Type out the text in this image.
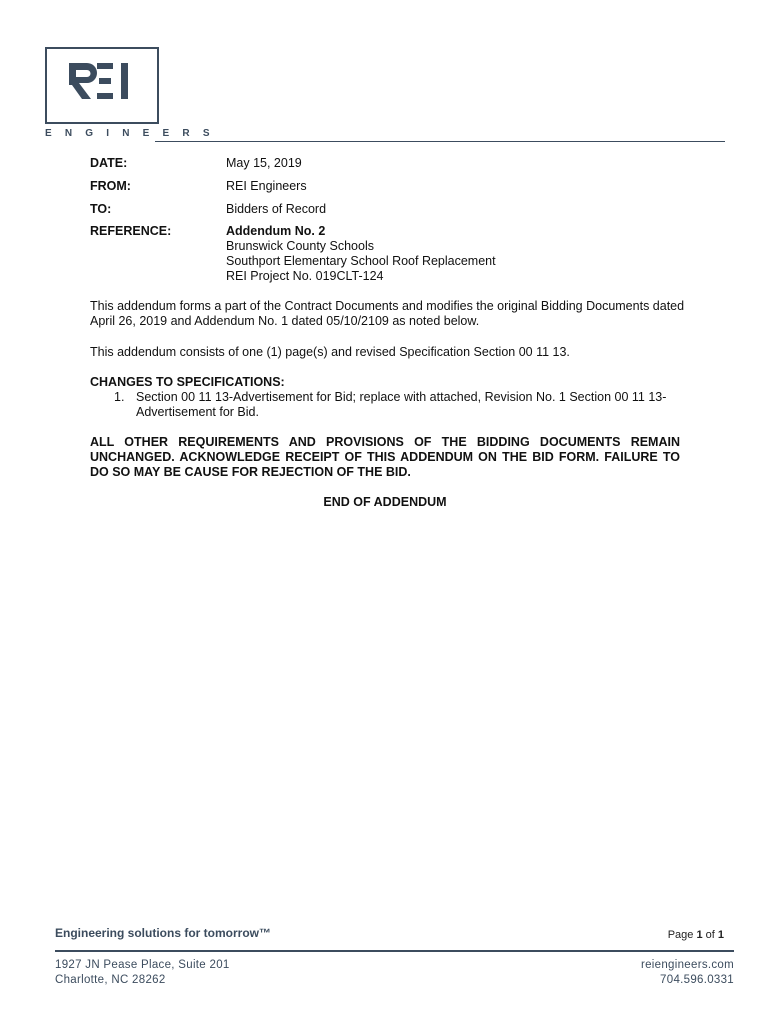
ENGINEERS
DATE:	May 15, 2019
FROM:	REI Engineers
TO:	Bidders of Record
REFERENCE:	Addendum No. 2
Brunswick County Schools
Southport Elementary School Roof Replacement
REI Project No. 019CLT-124
This addendum forms a part of the Contract Documents and modifies the original Bidding Documents dated
April 26, 2019 and Addendum No. 1 dated 05/10/2109 as noted below.
This addendum consists of one (1) page(s) and revised Specification Section 00 11 13.
CHANGES TO SPECIFICATIONS:
1. Section 00 11 13-Advertisement for Bid; replace with attached, Revision No. 1 Section 00 11 13-
Advertisement for Bid.
ALL OTHER REQUIREMENTS AND PROVISIONS OF THE BIDDING DOCUMENTS REMAIN
UNCHANGED. ACKNOWLEDGE RECEIPT OF THIS ADDENDUM ON THE BID FORM. FAILURE TO
DO SO MAY BE CAUSE FOR REJECTION OF THE BID.
END OF ADDENDUM
Engineering solutions for tomorrow™	Page 1 of 1
1927 JN Pease Place, Suite 201
Charlotte, NC 28262
reiengineers.com
704.596.0331
